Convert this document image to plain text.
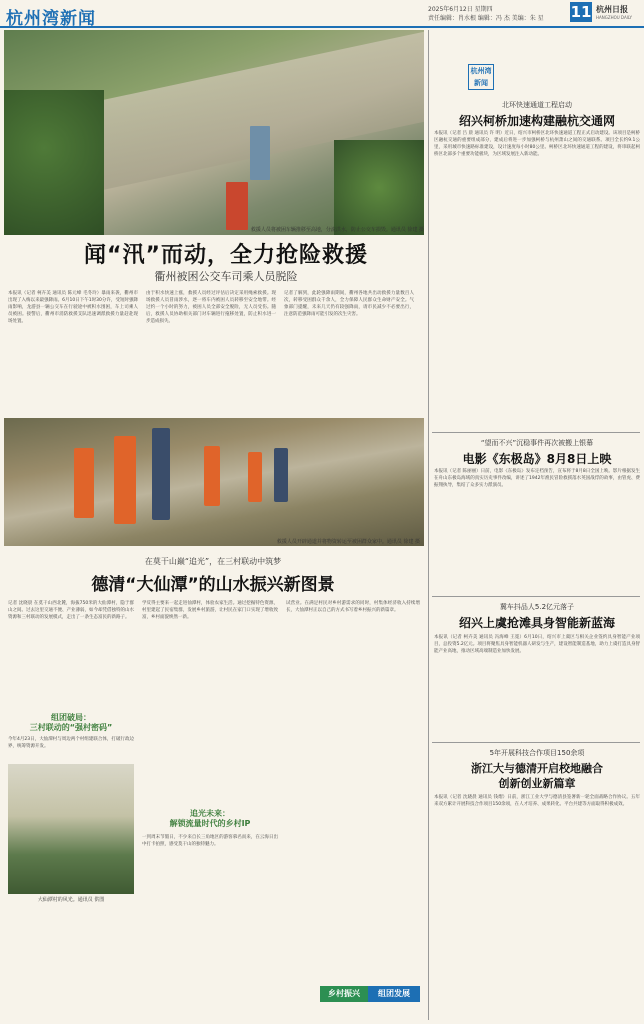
杭州湾新闻	2025年6月12日 星期四
责任编辑：肖水根 编辑：冯 杰 美编：朱 星 11 杭州日报
HANGZHOU DAILY
救援人员将被困车辆推移至高地，分流洪水，防止公交车损毁。通讯员 徐建 摄
闻“汛”而动，全力抢险救援
衢州被困公交车司乘人员脱险
本报讯（记者 柯卉美 通讯员 陈元峰 毛冬玲）暴雨来袭，衢州市出现了入梅以来最强降雨。6月10日下午1时30分许，受短时强降雨影响，龙游县一辆公交车在行驶途中被积水围困，车上司乘人员被困。接警后，衢州市消防救援支队迅速调派救援力量赶赴现场处置。
由于积水快速上涨，救援人员经过评估后决定采用绳索救援。现场救援人员冒雨涉水，逐一将车内被困人员转移至安全地带。经过约一个小时的努力，被困人员全部安全脱险，无人员受伤。随后，救援人员协助相关部门对车辆进行拖移处置，防止积水进一步造成损失。
记者了解到，此轮强降雨期间，衢州各地共出动救援力量数百人次，转移受困群众千余人，全力保障人民群众生命财产安全。气象部门提醒，未来几天仍有较强降雨，请市民减少不必要出行，注意防范强降雨可能引发的次生灾害。
救援人员开辟通道并将物资转运至被困群众家中。通讯员 徐建 摄
杭州湾 新闻
北环快速通道工程启动
绍兴柯桥加速构建融杭交通网
本报讯（记者 吕 晨 通讯员 许 明）近日，绍兴市柯桥区北环快速通道工程正式启动建设。该项目是柯桥区融杭交通的重要组成部分，建成后将进一步加强柯桥与杭州萧山之间的交通联系。项目全长约9.1公里，采用城市快速路标准建设，设计速度每小时80公里。柯桥区北环快速通道工程的建设，将串联起柯桥区北部多个重要功能板块，为区域发展注入新动能。
“望而不兴”沉稳事件再次被搬上银幕
电影《东极岛》8月8日上映
本报讯（记者 陈丽丽）日前，电影《东极岛》发布定档预告，宣布将于8月8日全国上映。影片根据发生在舟山东极岛海域的真实历史事件改编，讲述了1942年渔民冒险救援落水英国战俘的故事，由管虎、费振翔执导，集结了众多实力派演员。
在莫干山巅“追光”，在三村联动中筑梦
德清“大仙潭”的山水振兴新图景
记者 沈晓晨 在莫干山西北麓，海拔750米的大仙潭村，隐于群山之间。过去这里交通不便、产业薄弱，如今却凭借独特的山水资源和三村联动的发展模式，走出了一条生态富民的新路子。
组团破局：
三村联动的“强村密码”
今年4月23日，大仙潭村与周边两个村组建联合体，打破行政边界，统筹资源开发。
大仙潭村的风光。通讯员 供图
学反得主要来一起走进仙潭村，体验农家生活。通过挖掘特色资源，村里建起了民宿集群，发展乡村旅游，让村民在家门口实现了增收致富，乡村面貌焕然一新。
追光未来：
解锁流量时代的乡村IP
一到周末节假日，不少来自长三角地区的游客慕名而来，在云海日出中打卡拍照，感受莫干山的独特魅力。
试营业。在满足村民对乡村游需求的同时，村集体经济收入持续增长，大仙潭村正以自己的方式书写着乡村振兴的新篇章。
乡村振兴	组团发展
冀车抖品人5.2亿元落子
绍兴上虞抢滩具身智能新蓝海
本报讯（记者 柯卉美 通讯员 冯海峰 王冕）6月10日，绍兴市上虞区与相关企业签约具身智能产业项目，总投资5.2亿元。项目将聚焦具身智能机器人研发与生产，建设智能制造基地，助力上虞打造具身智能产业高地，推动区域高端制造业加快发展。
5年开展科技合作项目150余项
浙江大与德清开启校地融合
创新创业新篇章
本报讯（记者 沈晓晨 通讯员 钱熠）日前，浙江工业大学与德清县签署新一轮全面战略合作协议。五年来双方累计开展科技合作项目150余项，在人才培养、成果转化、平台共建等方面取得积极成效。
